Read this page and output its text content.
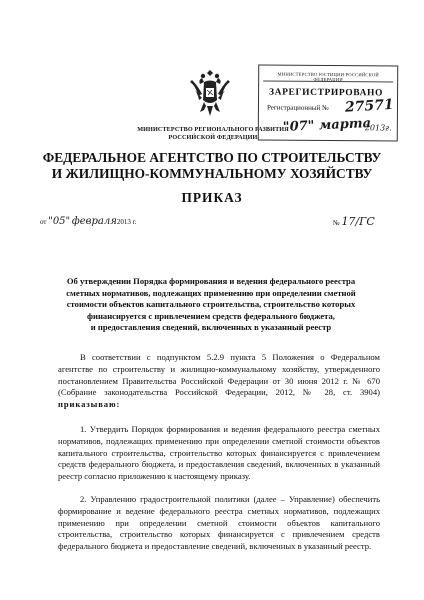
МИНИСТЕРСТВО РЕГИОНАЛЬНОГО РАЗВИТИЯ
РОССИЙСКОЙ ФЕДЕРАЦИИ
МИНИСТЕРСТВО ЮСТИЦИИ РОССИЙСКОЙ ФЕДЕРАЦИИ
ЗАРЕГИСТРИРОВАНО
Регистрационный № 27571
"07" марта
2013г.
ФЕДЕРАЛЬНОЕ АГЕНТСТВО ПО СТРОИТЕЛЬСТВУ
И ЖИЛИЩНО-КОММУНАЛЬНОМУ ХОЗЯЙСТВУ
ПРИКАЗ
от "05" февраля2013 г.	№ 17/ГС
Об утверждении Порядка формирования и ведения федерального реестра
сметных нормативов, подлежащих применению при определении сметной
стоимости объектов капитального строительства, строительство которых
финансируется с привлечением средств федерального бюджета,
и предоставления сведений, включенных в указанный реестр
В соответствии с подпунктом 5.2.9 пункта 5 Положения о Федеральном агентстве по строительству и жилищно-коммунальному хозяйству, утвержденного постановлением Правительства Российской Федерации от 30 июня 2012 г. № 670 (Собрание законодательства Российской Федерации, 2012, № 28, ст. 3904) приказываю:
1. Утвердить Порядок формирования и ведения федерального реестра сметных нормативов, подлежащих применению при определении сметной стоимости объектов капитального строительства, строительство которых финансируется с привлечением средств федерального бюджета, и предоставления сведений, включенных в указанный реестр согласно приложению к настоящему приказу.
2. Управлению градостроительной политики (далее – Управление) обеспечить формирование и ведение федерального реестра сметных нормативов, подлежащих применению при определении сметной стоимости объектов капитального строительства, строительство которых финансируется с привлечением средств федерального бюджета и предоставление сведений, включенных в указанный реестр.
